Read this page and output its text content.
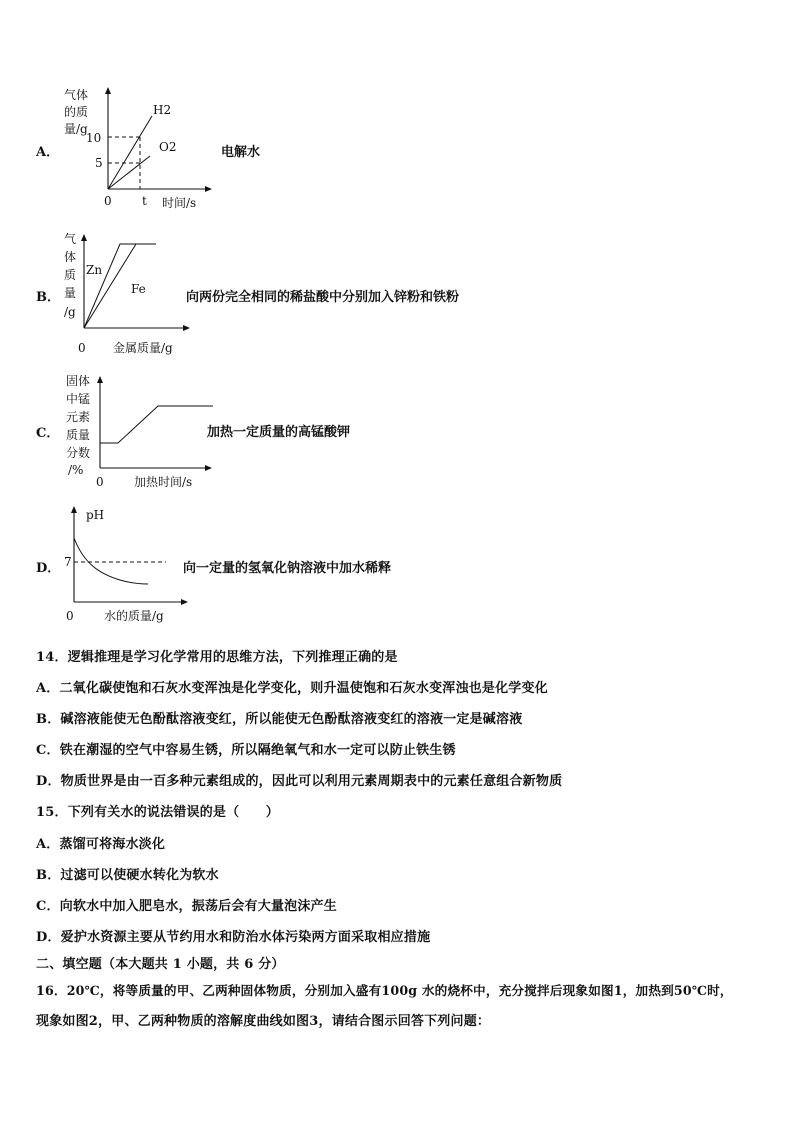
A．
气体
的质
量/g
10
5
0	t 时间/s
H2
O2	电解水
B．
气
体
质
量
/g
Zn
Fe
0 金属质量/g
向两份完全相同的稀盐酸中分别加入锌粉和铁粉
C．
固体
中锰
元素
质量
分数
/%
0	加热时间/s
加热一定质量的高锰酸钾
D．
pH
7
0	水的质量/g
向一定量的氢氧化钠溶液中加水稀释
14．逻辑推理是学习化学常用的思维方法，下列推理正确的是
A．二氧化碳使饱和石灰水变浑浊是化学变化，则升温使饱和石灰水变浑浊也是化学变化
B．碱溶液能使无色酚酞溶液变红，所以能使无色酚酞溶液变红的溶液一定是碱溶液
C．铁在潮湿的空气中容易生锈，所以隔绝氧气和水一定可以防止铁生锈
D．物质世界是由一百多种元素组成的，因此可以利用元素周期表中的元素任意组合新物质
15．下列有关水的说法错误的是（　　）
A．蒸馏可将海水淡化
B．过滤可以使硬水转化为软水
C．向软水中加入肥皂水，振荡后会有大量泡沫产生
D．爱护水资源主要从节约用水和防治水体污染两方面采取相应措施
二、填空题（本大题共 1 小题，共 6 分）
16．20℃，将等质量的甲、乙两种固体物质，分别加入盛有100g 水的烧杯中，充分搅拌后现象如图1，加热到50℃时，
现象如图2，甲、乙两种物质的溶解度曲线如图3，请结合图示回答下列问题：
